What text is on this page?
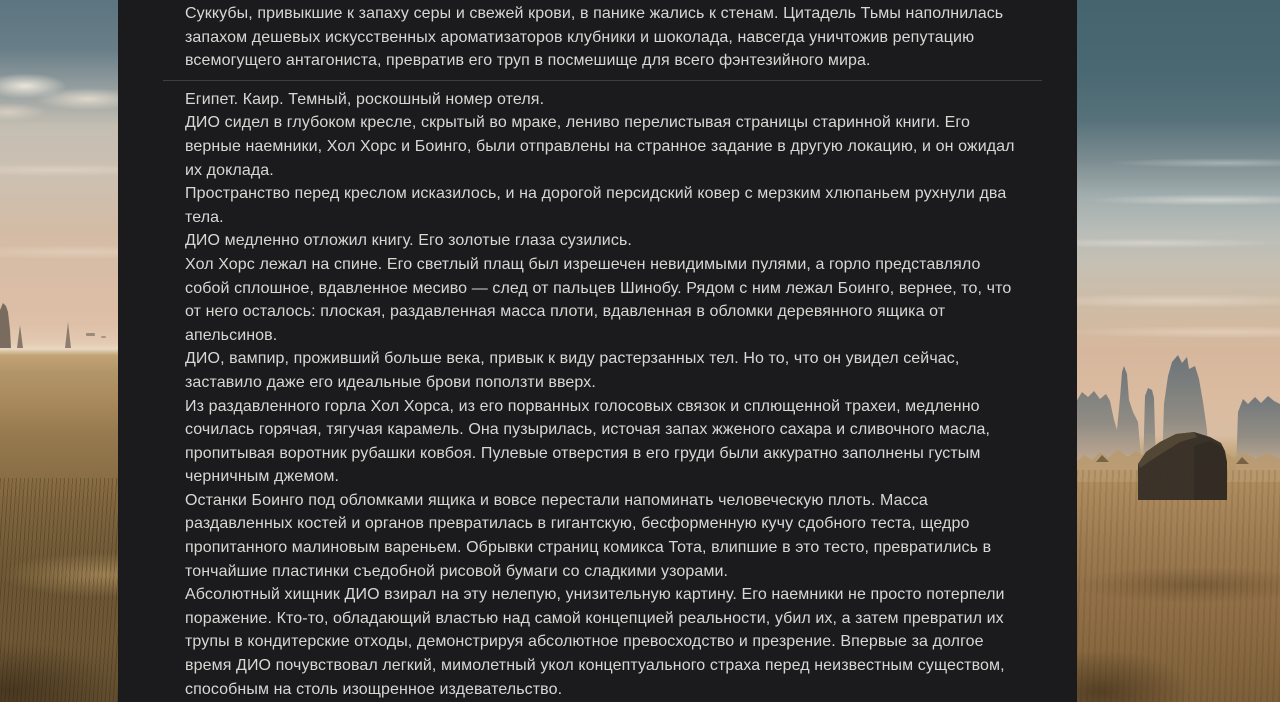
Суккубы, привыкшие к запаху серы и свежей крови, в панике жались к стенам. Цитадель Тьмы наполнилась запахом дешевых искусственных ароматизаторов клубники и шоколада, навсегда уничтожив репутацию всемогущего антагониста, превратив его труп в посмешище для всего фэнтезийного мира.

Египет. Каир. Темный, роскошный номер отеля.

ДИО сидел в глубоком кресле, скрытый во мраке, лениво перелистывая страницы старинной книги. Его верные наемники, Хол Хорс и Боинго, были отправлены на странное задание в другую локацию, и он ожидал их доклада.

Пространство перед креслом исказилось, и на дорогой персидский ковер с мерзким хлюпаньем рухнули два тела.

ДИО медленно отложил книгу. Его золотые глаза сузились.

Хол Хорс лежал на спине. Его светлый плащ был изрешечен невидимыми пулями, а горло представляло собой сплошное, вдавленное месиво — след от пальцев Шинобу. Рядом с ним лежал Боинго, вернее, то, что от него осталось: плоская, раздавленная масса плоти, вдавленная в обломки деревянного ящика от апельсинов.

ДИО, вампир, проживший больше века, привык к виду растерзанных тел. Но то, что он увидел сейчас, заставило даже его идеальные брови поползти вверх.

Из раздавленного горла Хол Хорса, из его порванных голосовых связок и сплющенной трахеи, медленно сочилась горячая, тягучая карамель. Она пузырилась, источая запах жженого сахара и сливочного масла, пропитывая воротник рубашки ковбоя. Пулевые отверстия в его груди были аккуратно заполнены густым черничным джемом.

Останки Боинго под обломками ящика и вовсе перестали напоминать человеческую плоть. Масса раздавленных костей и органов превратилась в гигантскую, бесформенную кучу сдобного теста, щедро пропитанного малиновым вареньем. Обрывки страниц комикса Тота, влипшие в это тесто, превратились в тончайшие пластинки съедобной рисовой бумаги со сладкими узорами.

Абсолютный хищник ДИО взирал на эту нелепую, унизительную картину. Его наемники не просто потерпели поражение. Кто-то, обладающий властью над самой концепцией реальности, убил их, а затем превратил их трупы в кондитерские отходы, демонстрируя абсолютное превосходство и презрение. Впервые за долгое время ДИО почувствовал легкий, мимолетный укол концептуального страха перед неизвестным существом, способным на столь изощренное издевательство.
